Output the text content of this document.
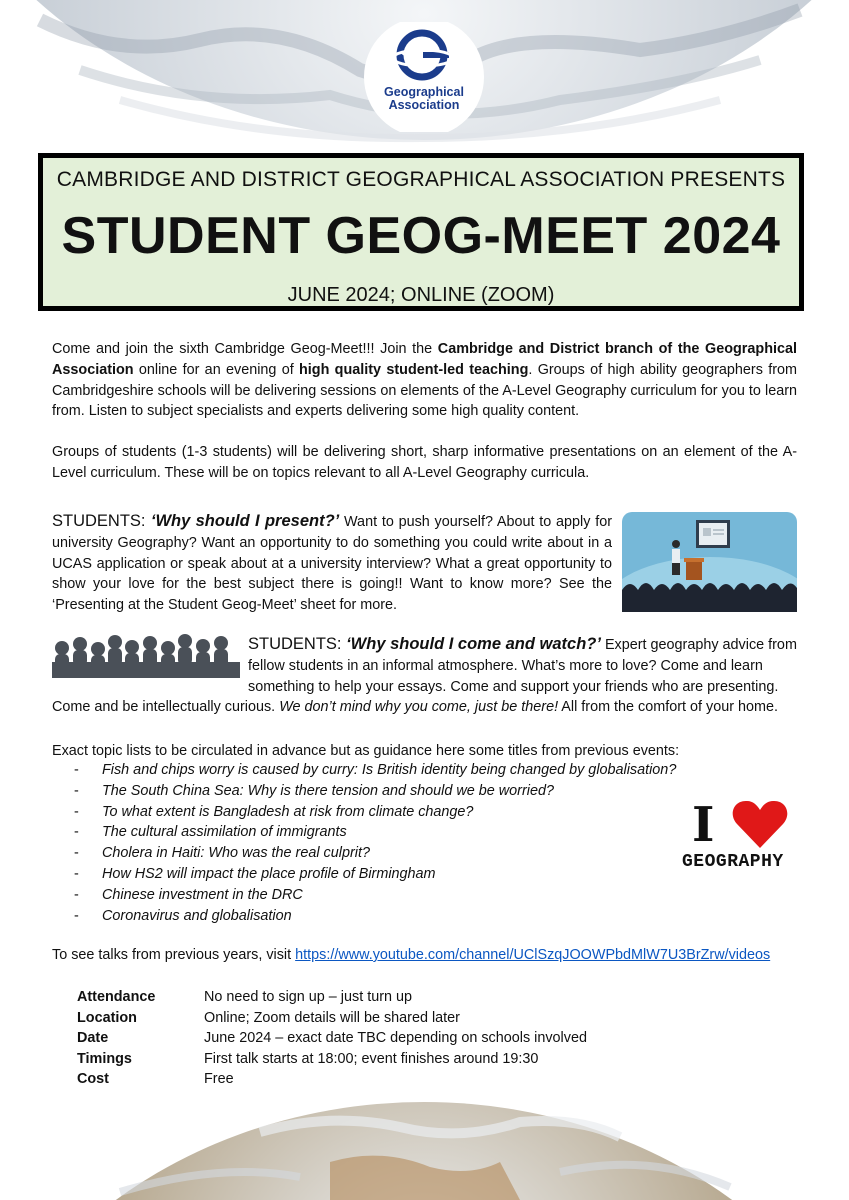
Geographical
Association
CAMBRIDGE AND DISTRICT GEOGRAPHICAL ASSOCIATION PRESENTS
STUDENT GEOG-MEET 2024
JUNE 2024; ONLINE (ZOOM)

Come and join the sixth Cambridge Geog-Meet!!! Join the Cambridge and District branch of the Geographical Association online for an evening of high quality student-led teaching. Groups of high ability geographers from Cambridgeshire schools will be delivering sessions on elements of the A-Level Geography curriculum for you to learn from. Listen to subject specialists and experts delivering some high quality content.

Groups of students (1-3 students) will be delivering short, sharp informative presentations on an element of the A-Level curriculum. These will be on topics relevant to all A-Level Geography curricula.

STUDENTS: ‘Why should I present?’ Want to push yourself? About to apply for university Geography? Want an opportunity to do something you could write about in a UCAS application or speak about at a university interview? What a great opportunity to show your love for the best subject there is going!! Want to know more? See the ‘Presenting at the Student Geog-Meet’ sheet for more.

STUDENTS: ‘Why should I come and watch?’ Expert geography advice from fellow students in an informal atmosphere. What’s more to love? Come and learn something to help your essays. Come and support your friends who are presenting. Come and be intellectually curious. We don’t mind why you come, just be there! All from the comfort of your home.

Exact topic lists to be circulated in advance but as guidance here some titles from previous events:

- Fish and chips worry is caused by curry: Is British identity being changed by globalisation?
- The South China Sea: Why is there tension and should we be worried?
- To what extent is Bangladesh at risk from climate change?
- The cultural assimilation of immigrants
- Cholera in Haiti: Who was the real culprit?
- How HS2 will impact the place profile of Birmingham
- Chinese investment in the DRC
- Coronavirus and globalisation
I
GEOGRAPHY

To see talks from previous years, visit https://www.youtube.com/channel/UClSzqJOOWPbdMlW7U3BrZrw/videos

Attendance	No need to sign up – just turn up
Location	Online; Zoom details will be shared later
Date	June 2024 – exact date TBC depending on schools involved
Timings	First talk starts at 18:00; event finishes around 19:30
Cost	Free
